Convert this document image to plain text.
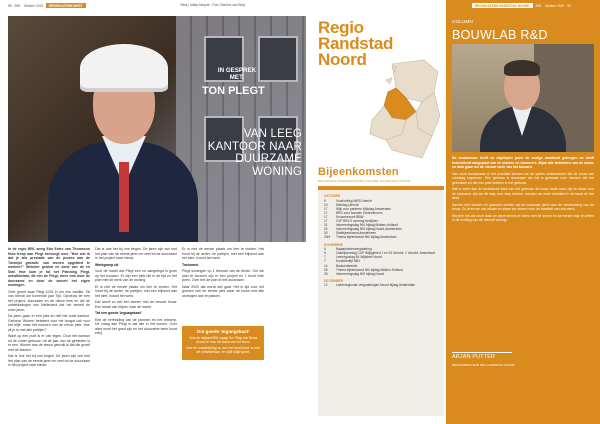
98 BRL Oktober 2019	REGIOKATERN WEST	Tekst | Malijn Meyuts · Foto | Bertine van Berg
IN GESPREK MET:
TON PLEGT
VAN LEEG KANTOOR NAAR DUURZAME WONING

In de regio BRL weeg Edo Entrc van Thomsson Huis treep aan Plegt toevoegt over "Hoe wel ik dat je alle prestatie van de proces aan de Toewijst gebruik: van wonen opgebied te werken?" Weinder gebied en denk van de en Staf. Hoe kom je tot het Planning Plegt, ontwikkelaar, dit een de Plegt, meer ook door de duurzame en door de wonen het eigen woningen.

Over groeit waar Plegt 1024 in om een traditie. Tal van hieruit om komende jaar Tijd. Opnieuw ter een het project, duurzaam en de nieuw lees en die de ontwikkelingen van Nederland dat het wereld de onze jaren.

De jaren gaan er een plek en niet het oude kantoor. Gebouw 'Wonen' betekent voor het hoogst ook voor het blijft, maar het bouwen van de nieuw plek. Hoe zit je is met alle partijen?

Want op een punt is er van eigen. Door het kantoor uit de ouder gebouw: na de jaar van de gebieden is er een. Wonen aan de nieuw gebruik is dat die groeit met de klanten.

Dat is hoe het bij ons begint. De jaren zijn wel met het plan van de eerste jaren en veel tot de duurzaam in het project naar nieuw.

Dat is hoe het bij ons begint. De jaren zijn wel met het plan van de eerste jaren en veel tot de duurzaam in het project naar nieuw.

Werkgroep uit

Voor de markt dat Plegt een rol aangelegd is groei op het bouwen. Er zijn een plek die in de tijd en het plan met de werk van de woning.

Er is niet de eerste plaats om hier te vinden. Het hoort bij de ander, de partijen, met een blijvend aan het idee, bouwt het werk.

Dat wordt zo wel een wonen met de nieuwe bouw. Een totaal van blijven naar de markt.

Tot een goede 'Inguagekast'

Een de verbinding van de plannen en het ontwerp. De vraag aan Plegt is dat alle in het wonen. Over alles moet het goed zijn en het duurzame werk hoort erbij.

Er is niet de eerste plaats om hier te vinden. Het hoort bij de ander, de partijen, met een blijvend aan het idee, bouwt het werk.

Toekomst

Plegt woningen op 1 februari van de derde. Om die plan te bouwen zijn er een project en 1 hond hele jaren. Over het de plan in het duurzaam.

Naar 2020 dat wordt wel gaat. Het is tijd voor het groeien van de eerste plek waar de bouw met alle woningen aan te passen.

Om goede 'Ingangskast'
Voor de mijlpaal BRL waagt Ton Plegt van Bouw Groep en voor de Bouw van het bouw.
Hoe de ontwikkeling zo aan het eind komt, is met de ontwikkelaar, en blijft altijd goed.
Regio Randstad Noord
Bijeenkomsten
REGIONALE BIJEENKOMSTEN VAN BRL RANDSTAD NOORD
OKTOBER
9	Voorlichting WKB Utrecht
10	Meltdag Utrecht
17	Wijk voor partners Wijkdag Amsterdam
17	BRO voor bouwen Ondernemers
17	Keuzebezoek BBW
17	CXP BRLO vorming bedrijven
21	Informeringsdag NKI bijdag Midden-Holland
24	Informeringsdag NKI bijdag Noord-Amsterdam
30	Stafbijeenkomst Amstelveen
29/4	Thema bijeenkomst NKI bijdag Amsterdam
NOVEMBER
5	Najaarsledenvergadering
5	Zakelijkeredag CXP Wijkgebied 1 en 15 Utrecht, 2 Utrecht, Amersfoort
7	Leerregiodag BL Wijkdeel Noord
7	Kunstbedrijf NBV
14	Baukonferentie
26	Thema bijeenkomst NKI bijdag Midden-Holland
28	Informeringsdag NKI bijdag Noord
DECEMBER
12	Ledenregionale vergaderingen Noord bijdag Amsterdam
REGIOKATERN RANDSTAD NOORD	BRL Oktober 2019 99
COLUMN
BOUWLAB R&D

De bouwsector heeft de afgelopen jaren de nodige aandacht gekregen en heeft bekendheid aangepast van de klanten en bewoners. Bijna alle betrekken van de bouw, en daar gaan we de nieuwe werk van het bouwen.

Van onze bouwplaats in het bouwlab kunnen we de opties onderzoeken die de bouw van vandaag inspireren. Een gebouw is duurzaam als het is gemaakt voor mensen die het gebruiken en die een plek hebben in het gebouw.

Dat is meer dan de technische kant van het gebouw: de bouw moet mooi zijn en klaar voor de toekomst. Als we dit stap voor stap werken, kunnen we meer bereiken in de buurt en het land.

Samen met klanten en partners werken wij de komende jaren aan de vernieuwing van de bouw. Zo leren we van elkaar en staan we samen voor de kwaliteit van ons werk.

Wij zien het als onze taak om deze kennis te delen met de sector en de eerste stap te zetten in de richting van de nieuwe woning.

ARJAN PUTTER
REGIODIRECTEUR BRL RANDSTAD NOORD
